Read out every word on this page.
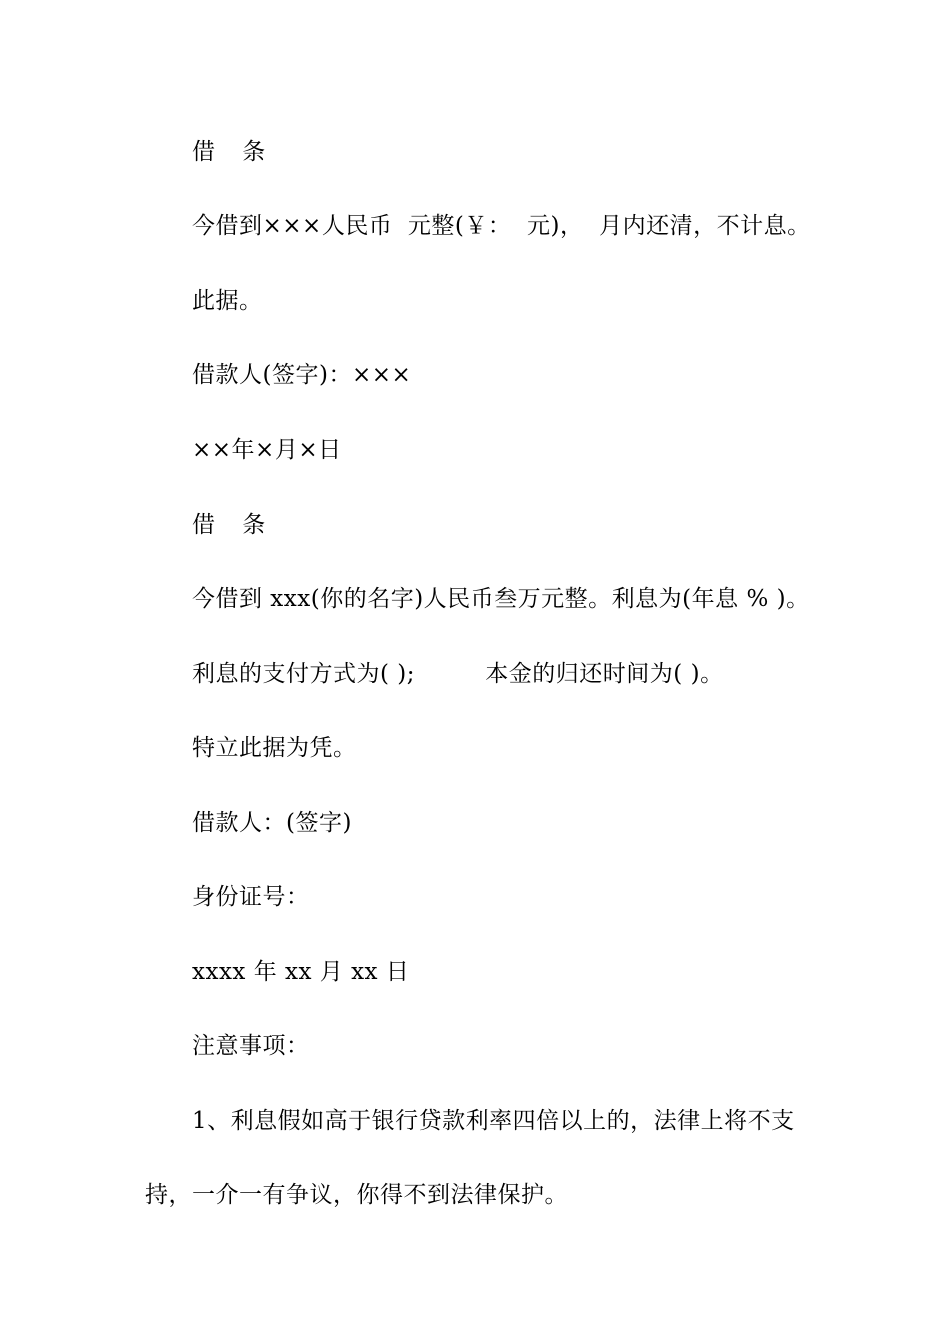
借 条
今借到×××人民币  元整(￥：  元)，  月内还清，不计息。
此据。
借款人(签字)：×××
××年×月×日
借 条
今借到 xxx(你的名字)人民币叁万元整。利息为(年息 % )。
利息的支付方式为( );         本金的归还时间为( )。
特立此据为凭。
借款人：(签字)
身份证号：
xxxx 年 xx 月 xx 日
注意事项：
1、利息假如高于银行贷款利率四倍以上的，法律上将不支
持，一介一有争议，你得不到法律保护。
